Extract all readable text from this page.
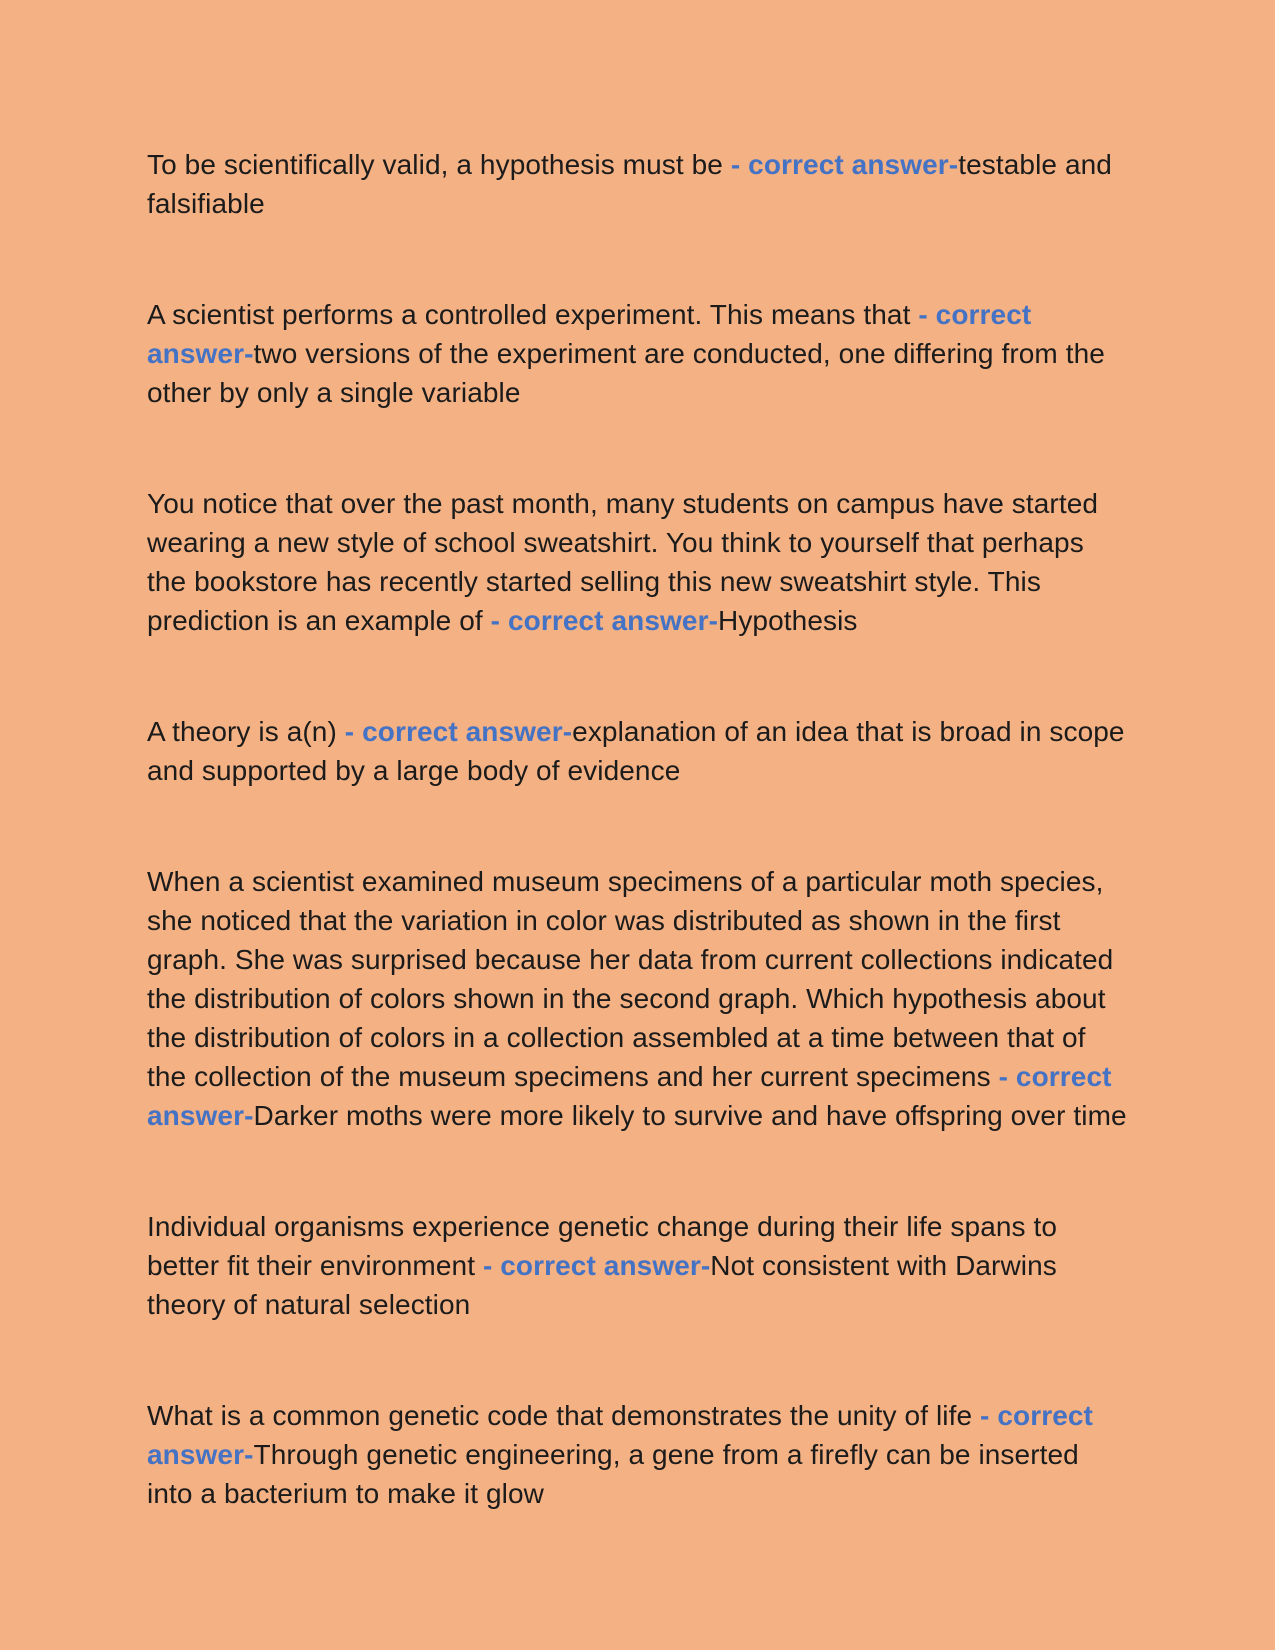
To be scientifically valid, a hypothesis must be - correct answer-testable and falsifiable

A scientist performs a controlled experiment. This means that - correct answer-two versions of the experiment are conducted, one differing from the other by only a single variable

You notice that over the past month, many students on campus have started wearing a new style of school sweatshirt. You think to yourself that perhaps the bookstore has recently started selling this new sweatshirt style. This prediction is an example of - correct answer-Hypothesis

A theory is a(n) - correct answer-explanation of an idea that is broad in scope and supported by a large body of evidence

When a scientist examined museum specimens of a particular moth species, she noticed that the variation in color was distributed as shown in the first graph. She was surprised because her data from current collections indicated the distribution of colors shown in the second graph. Which hypothesis about the distribution of colors in a collection assembled at a time between that of the collection of the museum specimens and her current specimens - correct answer-Darker moths were more likely to survive and have offspring over time

Individual organisms experience genetic change during their life spans to better fit their environment - correct answer-Not consistent with Darwins theory of natural selection

What is a common genetic code that demonstrates the unity of life - correct answer-Through genetic engineering, a gene from a firefly can be inserted into a bacterium to make it glow
